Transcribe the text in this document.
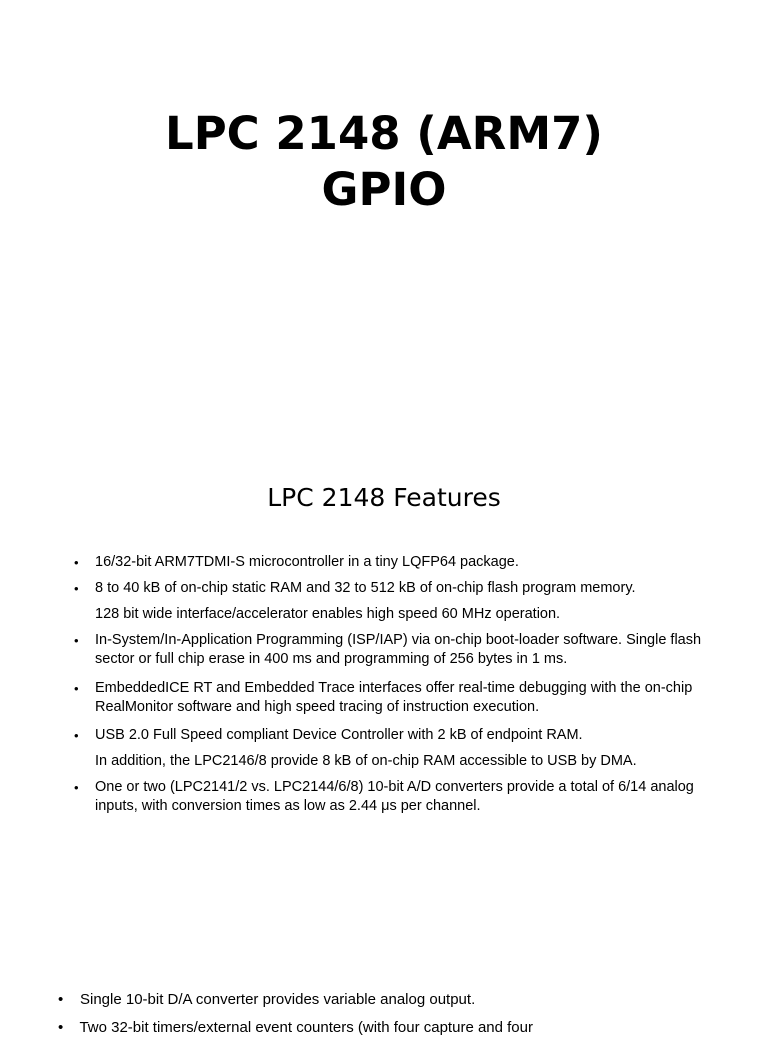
LPC 2148 (ARM7)
GPIO
LPC 2148 Features
•	16/32-bit ARM7TDMI-S microcontroller in a tiny LQFP64 package.
•	8 to 40 kB of on-chip static RAM and 32 to 512 kB of on-chip flash program memory.
128 bit wide interface/accelerator enables high speed 60 MHz operation.
•	In-System/In-Application Programming (ISP/IAP) via on-chip boot-loader software. Single flash sector or full chip erase in 400 ms and programming of 256 bytes in 1 ms.
•	EmbeddedICE RT and Embedded Trace interfaces offer real-time debugging with the on-chip RealMonitor software and high speed tracing of instruction execution.
•	USB 2.0 Full Speed compliant Device Controller with 2 kB of endpoint RAM.
In addition, the LPC2146/8 provide 8 kB of on-chip RAM accessible to USB by DMA.
•	One or two (LPC2141/2 vs. LPC2144/6/8) 10-bit A/D converters provide a total of 6/14 analog inputs, with conversion times as low as 2.44 μs per channel.
• Single 10-bit D/A converter provides variable analog output.
• Two 32-bit timers/external event counters (with four capture and four
